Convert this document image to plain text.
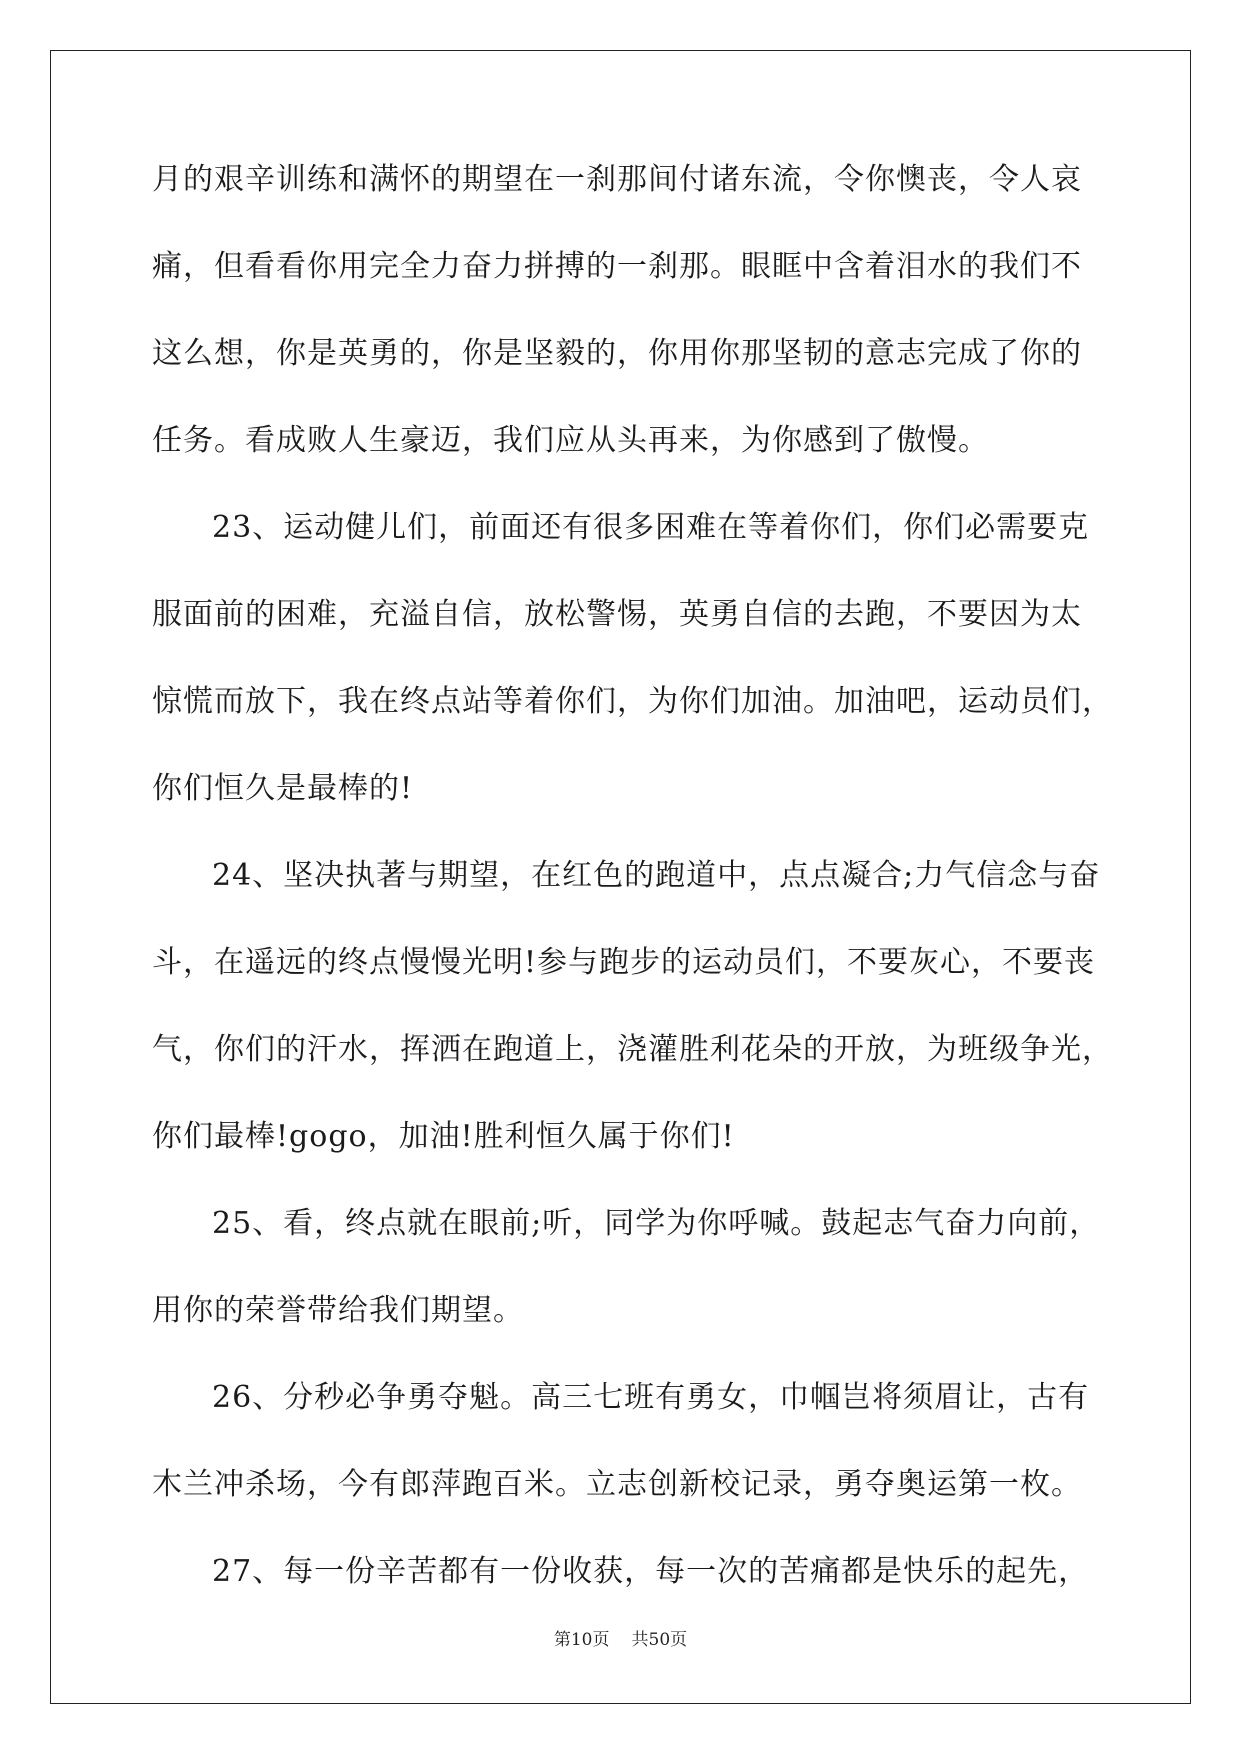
月的艰辛训练和满怀的期望在一刹那间付诸东流，令你懊丧，令人哀
痛，但看看你用完全力奋力拼搏的一刹那。眼眶中含着泪水的我们不
这么想，你是英勇的，你是坚毅的，你用你那坚韧的意志完成了你的
任务。看成败人生豪迈，我们应从头再来，为你感到了傲慢。
23、运动健儿们，前面还有很多困难在等着你们，你们必需要克
服面前的困难，充溢自信，放松警惕，英勇自信的去跑，不要因为太
惊慌而放下，我在终点站等着你们，为你们加油。加油吧，运动员们，
你们恒久是最棒的!
24、坚决执著与期望，在红色的跑道中，点点凝合;力气信念与奋
斗，在遥远的终点慢慢光明!参与跑步的运动员们，不要灰心，不要丧
气，你们的汗水，挥洒在跑道上，浇灌胜利花朵的开放，为班级争光，
你们最棒!gogo，加油!胜利恒久属于你们!
25、看，终点就在眼前;听，同学为你呼喊。鼓起志气奋力向前，
用你的荣誉带给我们期望。
26、分秒必争勇夺魁。高三七班有勇女，巾帼岂将须眉让，古有
木兰冲杀场，今有郎萍跑百米。立志创新校记录，勇夺奥运第一枚。
27、每一份辛苦都有一份收获，每一次的苦痛都是快乐的起先，
第10页 共50页
